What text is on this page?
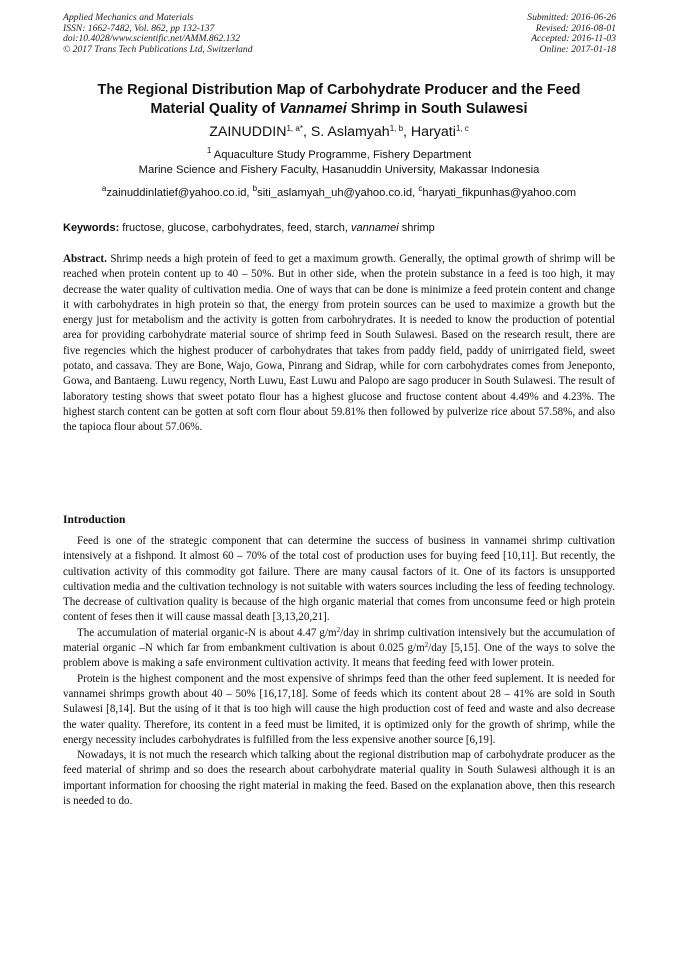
Applied Mechanics and Materials
ISSN: 1662-7482, Vol. 862, pp 132-137
doi:10.4028/www.scientific.net/AMM.862.132
© 2017 Trans Tech Publications Ltd, Switzerland
Submitted: 2016-06-26
Revised: 2016-08-01
Accepted: 2016-11-03
Online: 2017-01-18
The Regional Distribution Map of Carbohydrate Producer and the Feed
Material Quality of Vannamei Shrimp in South Sulawesi
$ZAINUDDIN^{1, a*}$, S. Aslamyah$^{1, b}$, Haryati$^{1, c}$
$^1$ Aquaculture Study Programme, Fishery Department
Marine Science and Fishery Faculty, Hasanuddin University, Makassar Indonesia
$^a$zainuddinlatief@yahoo.co.id, $^b$siti_aslamyah_uh@yahoo.co.id, $^c$haryati_fikpunhas@yahoo.com
Keywords: fructose, glucose, carbohydrates, feed, starch, vannamei shrimp
Abstract. Shrimp needs a high protein of feed to get a maximum growth. Generally, the optimal growth of shrimp will be reached when protein content up to 40 – 50%. But in other side, when the protein substance in a feed is too high, it may decrease the water quality of cultivation media. One of ways that can be done is minimize a feed protein content and change it with carbohydrates in high protein so that, the energy from protein sources can be used to maximize a growth but the energy just for metabolism and the activity is gotten from carbohrydrates. It is needed to know the production of potential area for providing carbohydrate material source of shrimp feed in South Sulawesi. Based on the research result, there are five regencies which the highest producer of carbohydrates that takes from paddy field, paddy of unirrigated field, sweet potato, and cassava. They are Bone, Wajo, Gowa, Pinrang and Sidrap, while for corn carbohydrates comes from Jeneponto, Gowa, and Bantaeng. Luwu regency, North Luwu, East Luwu and Palopo are sago producer in South Sulawesi. The result of laboratory testing shows that sweet potato flour has a highest glucose and fructose content about 4.49% and 4.23%. The highest starch content can be gotten at soft corn flour about 59.81% then followed by pulverize rice about 57.58%, and also the tapioca flour about 57.06%.
Introduction

Feed is one of the strategic component that can determine the success of business in vannamei shrimp cultivation intensively at a fishpond. It almost 60 – 70% of the total cost of production uses for buying feed [10,11]. But recently, the cultivation activity of this commodity got failure. There are many causal factors of it. One of its factors is unsupported cultivation media and the cultivation technology is not suitable with waters sources including the less of feeding technology. The decrease of cultivation quality is because of the high organic material that comes from unconsume feed or high protein content of feses then it will cause massal death [3,13,20,21].

The accumulation of material organic-N is about 4.47 $g/m^2$/day in shrimp cultivation intensively but the accumulation of material organic –N which far from embankment cultivation is about 0.025 $g/m^2$/day [5,15]. One of the ways to solve the problem above is making a safe environment cultivation activity. It means that feeding feed with lower protein.

Protein is the highest component and the most expensive of shrimps feed than the other feed suplement. It is needed for vannamei shrimps growth about 40 – 50% [16,17,18]. Some of feeds which its content about 28 – 41% are sold in South Sulawesi [8,14]. But the using of it that is too high will cause the high production cost of feed and waste and also decrease the water quality. Therefore, its content in a feed must be limited, it is optimized only for the growth of shrimp, while the energy necessity includes carbohydrates is fulfilled from the less expensive another source [6,19].

Nowadays, it is not much the research which talking about the regional distribution map of carbohydrate producer as the feed material of shrimp and so does the research about carbohydrate material quality in South Sulawesi although it is an important information for choosing the right material in making the feed. Based on the explanation above, then this research is needed to do.
